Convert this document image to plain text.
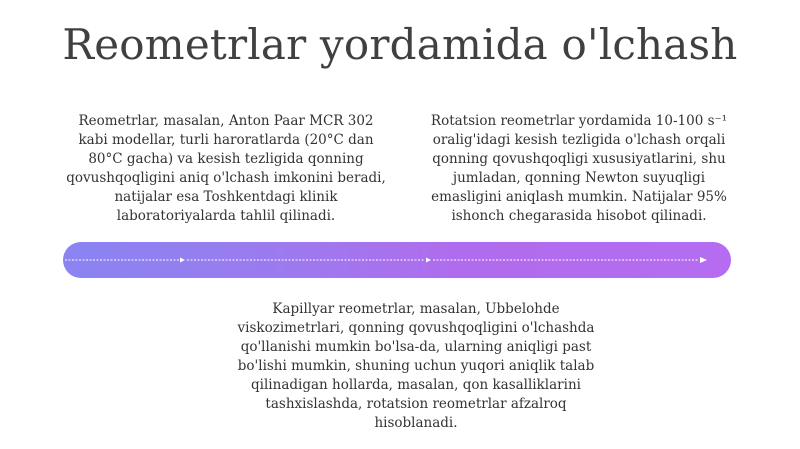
Reometrlar yordamida o'lchash
Reometrlar, masalan, Anton Paar MCR 302 kabi modellar, turli haroratlarda (20°C dan 80°C gacha) va kesish tezligida qonning qovushqoqligini aniq o'lchash imkonini beradi, natijalar esa Toshkentdagi klinik laboratoriyalarda tahlil qilinadi.
Rotatsion reometrlar yordamida 10-100 s⁻¹ oralig'idagi kesish tezligida o'lchash orqali qonning qovushqoqligi xususiyatlarini, shu jumladan, qonning Newton suyuqligi emasligini aniqlash mumkin. Natijalar 95% ishonch chegarasida hisobot qilinadi.
Kapillyar reometrlar, masalan, Ubbelohde viskozimetrlari, qonning qovushqoqligini o'lchashda qo'llanishi mumkin bo'lsa-da, ularning aniqligi past bo'lishi mumkin, shuning uchun yuqori aniqlik talab qilinadigan hollarda, masalan, qon kasalliklarini tashxislashda, rotatsion reometrlar afzalroq hisoblanadi.
